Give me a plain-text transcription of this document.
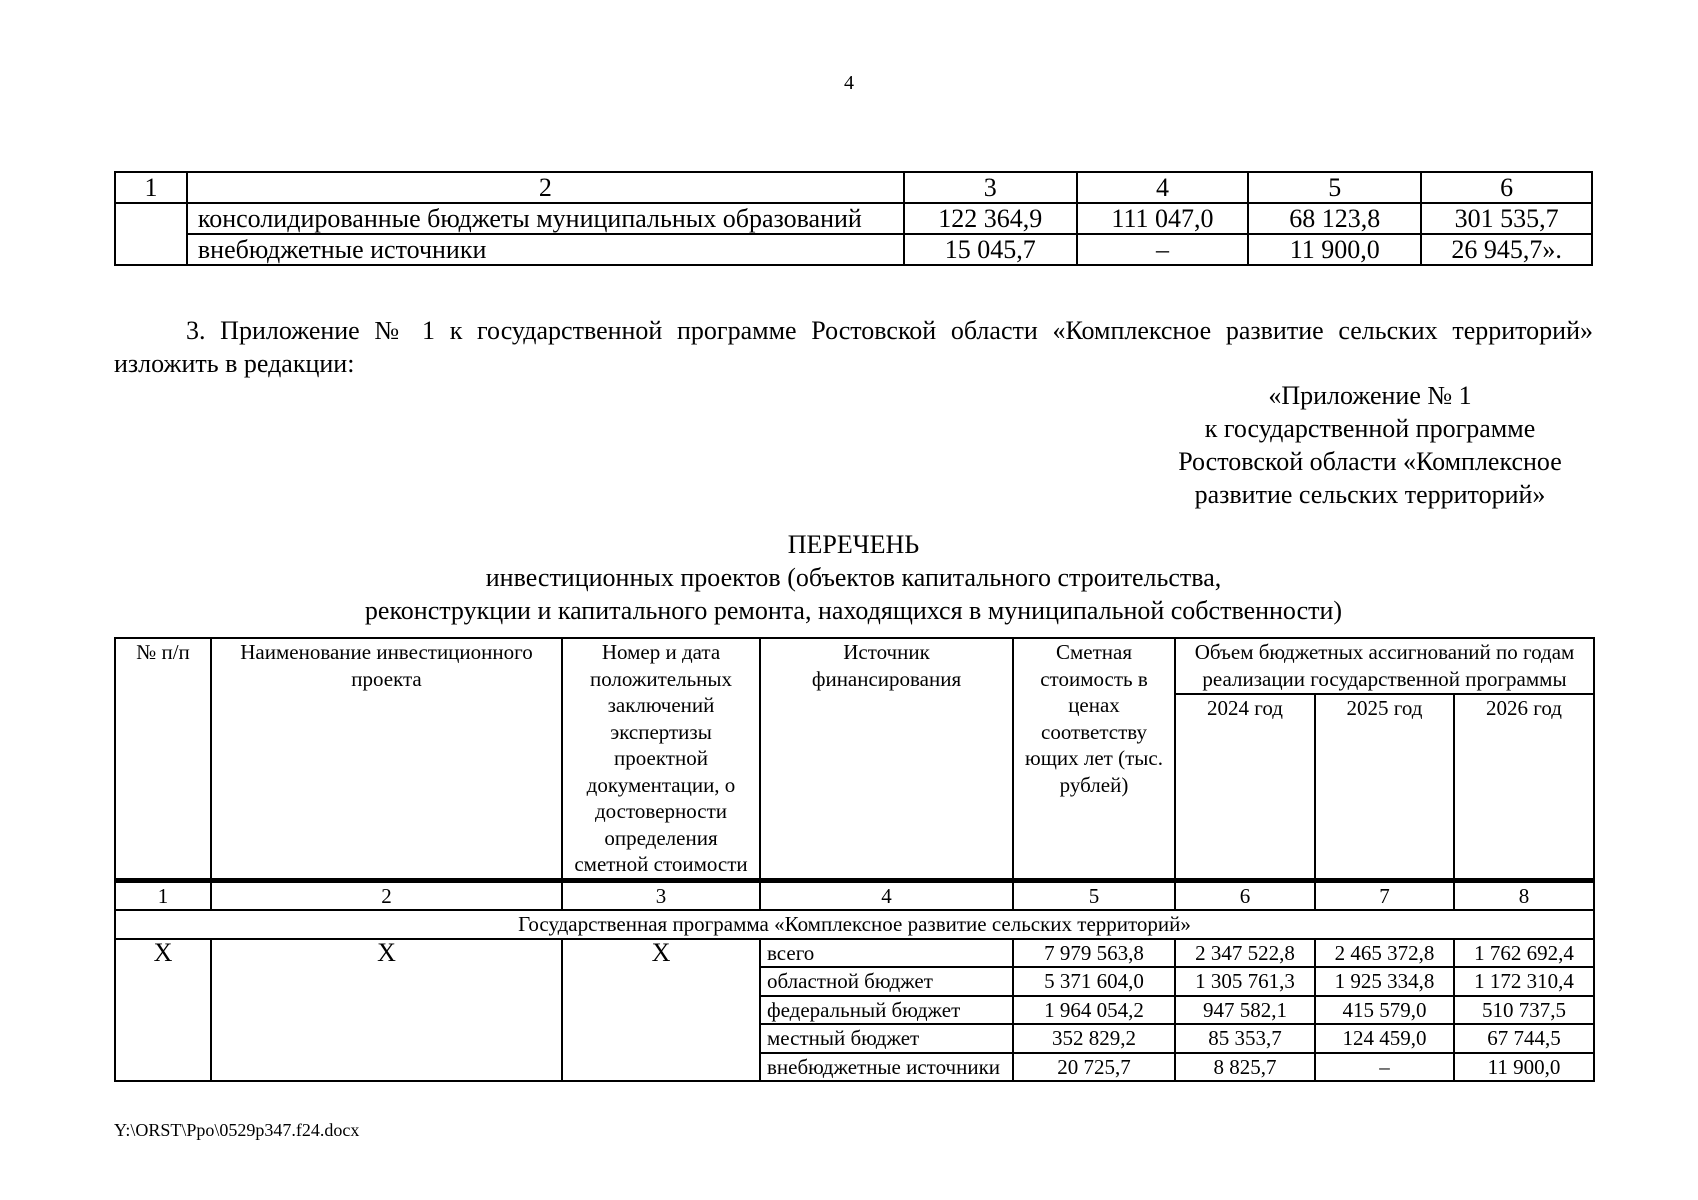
4
1	2	3	4	5	6
	консолидированные бюджеты муниципальных образований	122 364,9	111 047,0	68 123,8	301 535,7
	внебюджетные источники	15 045,7	–	11 900,0	26 945,7».
3. Приложение № 1 к государственной программе Ростовской области «Комплексное развитие сельских территорий» изложить в редакции:
«Приложение № 1
к государственной программе
Ростовской области «Комплексное
развитие сельских территорий»
ПЕРЕЧЕНЬ
инвестиционных проектов (объектов капитального строительства,
реконструкции и капитального ремонта, находящихся в муниципальной собственности)
№ п/п	Наименование инвестиционного проекта	Номер и дата положительных заключений экспертизы проектной документации, о достоверности определения сметной стоимости	Источник финансирования	Сметная стоимость в ценах соответству ющих лет (тыс. рублей)	Объем бюджетных ассигнований по годам реализации государственной программы		
					2024 год	2025 год	2026 год
1	2	3	4	5	6	7	8
Государственная программа «Комплексное развитие сельских территорий»							
Х	Х	Х	всего	7 979 563,8	2 347 522,8	2 465 372,8	1 762 692,4
			областной бюджет	5 371 604,0	1 305 761,3	1 925 334,8	1 172 310,4
			федеральный бюджет	1 964 054,2	947 582,1	415 579,0	510 737,5
			местный бюджет	352 829,2	85 353,7	124 459,0	67 744,5
			внебюджетные источники	20 725,7	8 825,7	–	11 900,0
Y:\ORST\Ppo\0529p347.f24.docx
